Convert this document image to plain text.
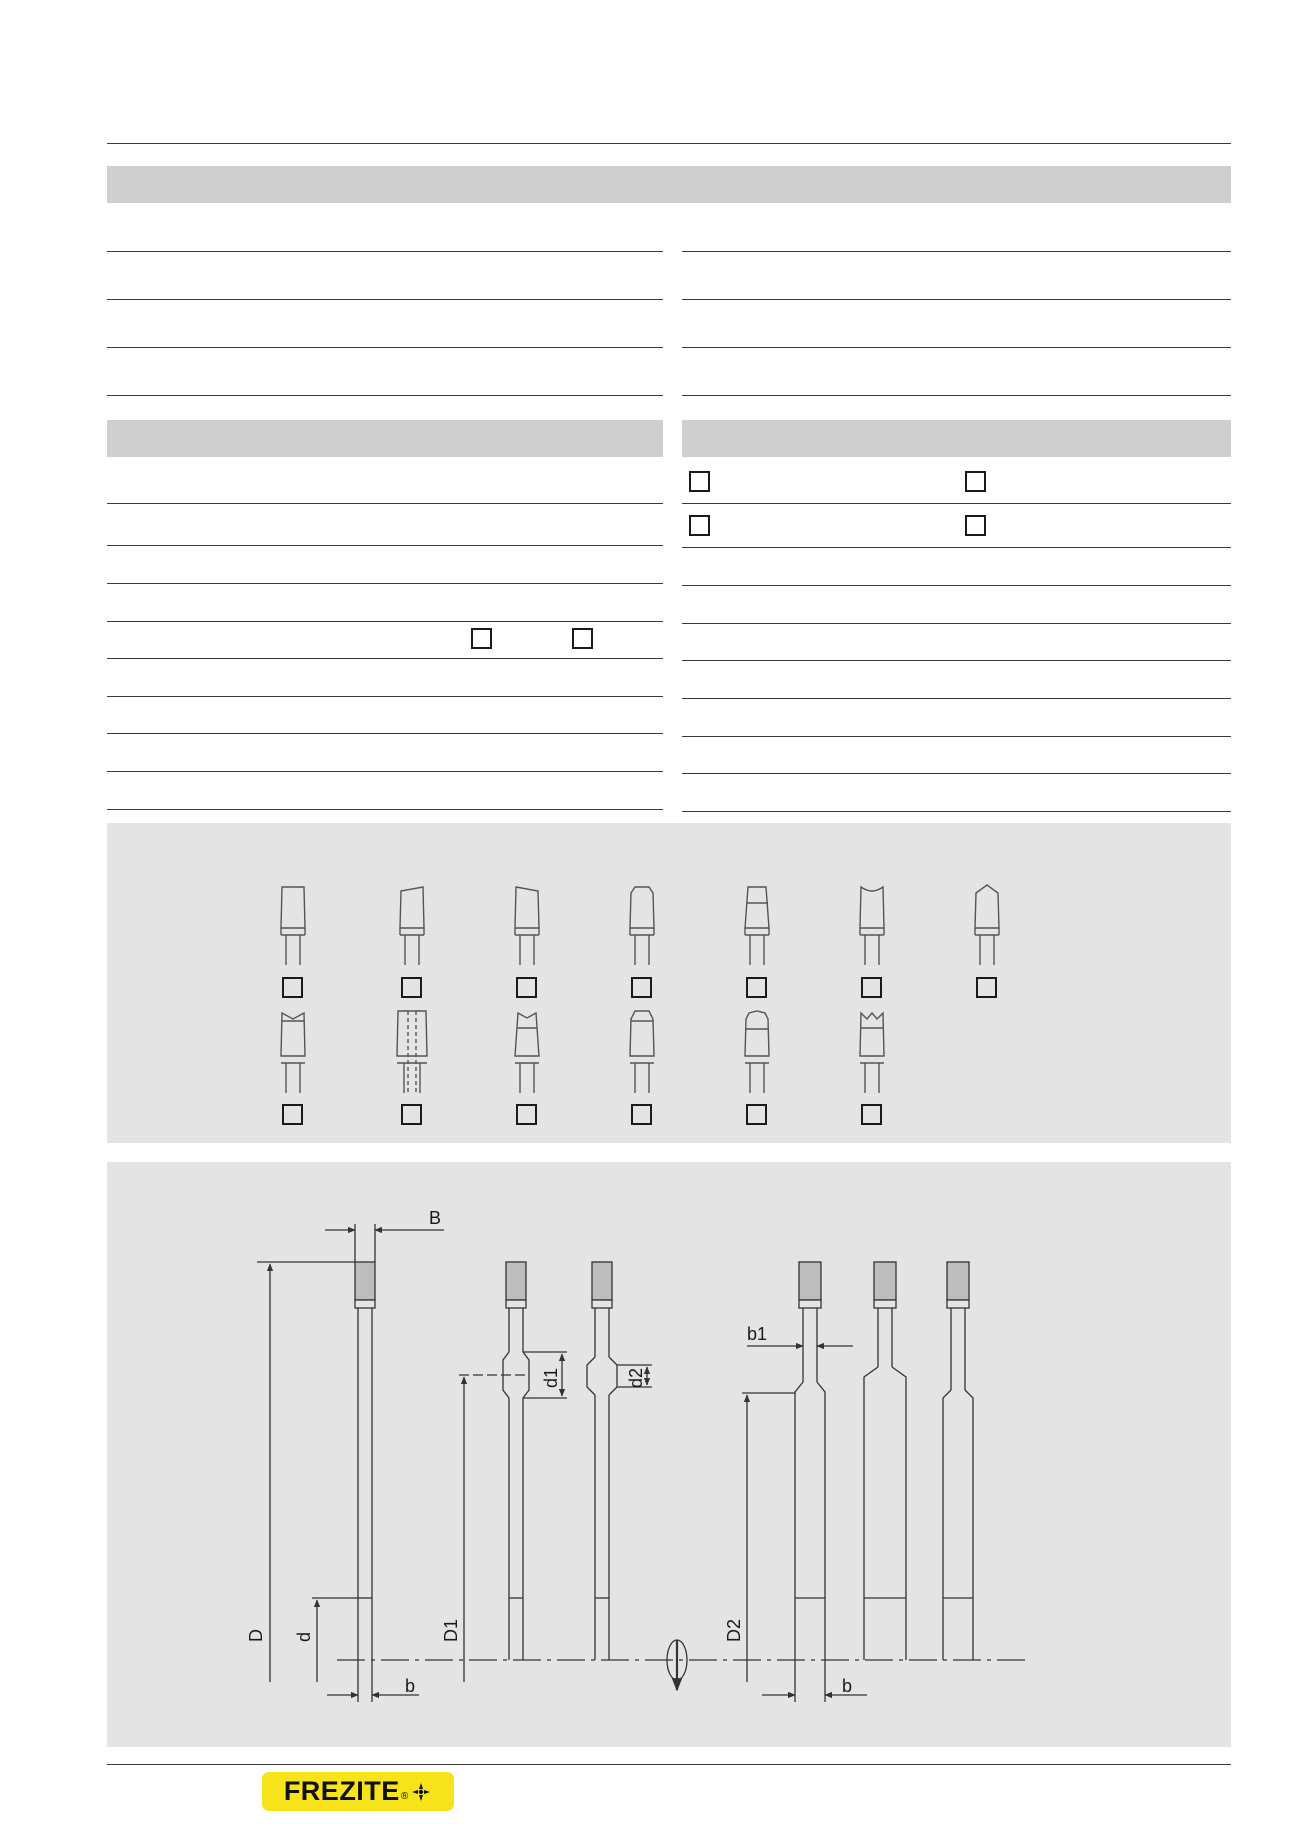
B
b
b1
b
D d	D1
d1	d2
D2
FREZITE ®
